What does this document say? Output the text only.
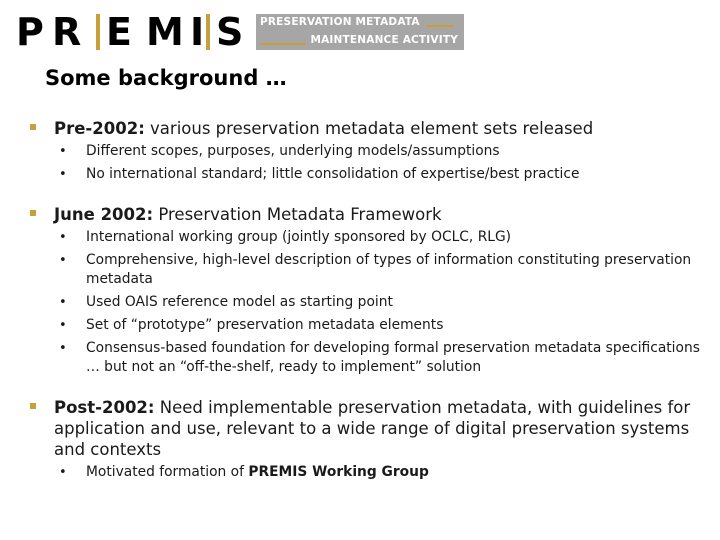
P R E M I S PRESERVATION METADATA
MAINTENANCE ACTIVITY
Some background …
Pre-2002: various preservation metadata element sets released
• Different scopes, purposes, underlying models/assumptions
• No international standard; little consolidation of expertise/best practice
June 2002: Preservation Metadata Framework
• International working group (jointly sponsored by OCLC, RLG)
• Comprehensive, high-level description of types of information constituting preservation metadata
• Used OAIS reference model as starting point
• Set of “prototype” preservation metadata elements
• Consensus-based foundation for developing formal preservation metadata specifications … but not an “off-the-shelf, ready to implement” solution
Post-2002: Need implementable preservation metadata, with guidelines for application and use, relevant to a wide range of digital preservation systems and contexts
• Motivated formation of PREMIS Working Group
